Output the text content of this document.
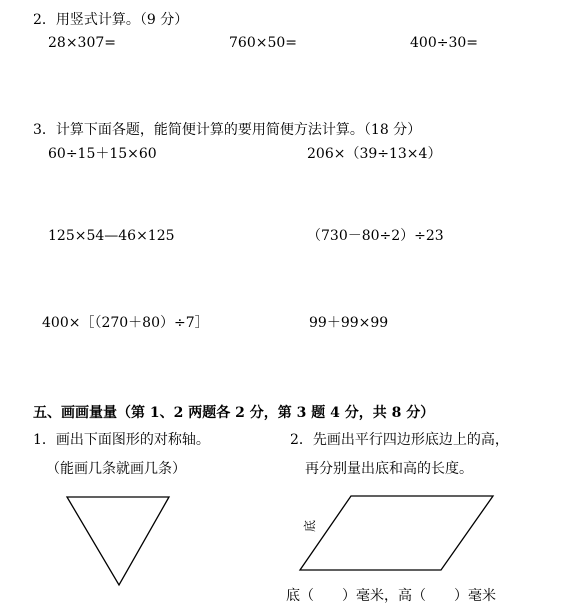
2．用竖式计算。（9 分）
28×307=	760×50=	400÷30=
3．计算下面各题，能简便计算的要用简便方法计算。（18 分）
60÷15＋15×60	206×（39÷13×4）
125×54—46×125	（730－80÷2）÷23
400×［（270＋80）÷7］	99＋99×99
五、画画量量（第 1、2 两题各 2 分，第 3 题 4 分，共 8 分）
1．画出下面图形的对称轴。
（能画几条就画几条）
2．先画出平行四边形底边上的高，
再分别量出底和高的长度。
底
底（　　）毫米，高（　　）毫米
